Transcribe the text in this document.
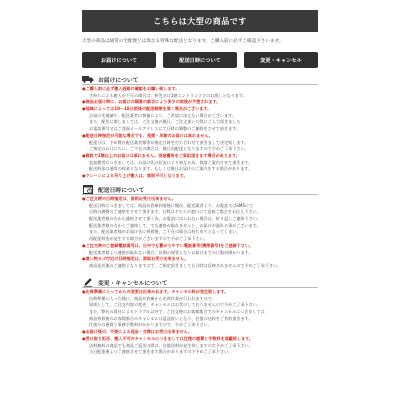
こちらは大型の商品です
大型の商品は通常の宅配便とは異なる特殊な配送となります。ご購入前に必ずご確認下さいませ。
お届けについて	配送日時について	変更・キャンセル
お届けについて
●ご購入前に必ず搬入経路の確認をお願い致します。
手持ちによる搬入が不可の場合は、軒先又は1階エントランスでのお渡しとなります。
●商品お届け時に、お届けの順番の都合により多少の前後が予想されます。
●地域によっては10〜18日前後の配送期間を頂く場合がございます。
お届け先地域や、配送業者の物量により、ご希望に添えない場合がございます。
また、配送に関しましては、ご注文後の後日、ご注文頂いた際にご入力頂きました
お電話番号又はご登録メールアドレスにて日時の調整のご連絡をさせて頂きます。
●配送日時指定が可能な場合でも、夜間・早朝のお届けは承れません。
配達日は、予め弊社配送業者様等が指定日時を打ち合わせて頂きまして決定致します。
ご指定のお日にちに、ご不在の場合は、後日再配達となりますので予めご了承下さい。
●階段で2階以上のお届けは承れません。別途費用をご負担頂きます場合があります。
追加費用につきましては、お届け先の状況により異なる為、都度ご案内させて頂きます。
配送料金は通常の料金となります。もしくは後日お届けのご案内をする場合があります。
●クレーンによる吊り上げ搬入は、原則不可となります。
配送日時について
●ご注文時の日時指定は、原則お受け出来ません。
配送日時につきましては、商品が倉庫到着後に順次、配送業者より、お電話又はSMSにて
日時の調整のご連絡をさせて頂きます。日程はそちらの窓口にて直接ご都合をお伝え下さい。
配送業者様の方から連絡させて頂く為、お電話に出られない場合は、折り返しご連絡下さい。
配送業者様の方からご連絡して、でも連絡が取れませんと、お届けが遅れる事がございます。
また、配送業者様がお届け先に到着後、ご不在の場合は持ち戻りとなってしまい、
再配達料金が発生する場合がございますので予めご了承下さい。
●ご注文時のご登録電話番号は、日中でも繋がりやすい電話番号(携帯番号)をご登録下さい。
配送業者様より連絡が取れない場合、長期の保管となりお届けまでの日数が掛かります。
●買い物カゴ付近の日時指定は、原則お受け出来ません。
商品発送後のご連絡となりますので、ご指定頂きましても日時は反映されませんので予めご了承下さい。
変更・キャンセルについて
●出荷準備に入ってからの変更は出来かねます。キャンセル料が発生致します。
出荷準備に入った後に、商品が倉庫から出荷作業が行われますので、
原則として、ご注文内容の変更、キャンセルはお受けしておりませんので予めご了承下さい。
また、弊社の責任によるトラブル以外で、ご注文後のお客様都合でのキャンセルにつきましては
商品到着後のお客様都合のキャンセルは返品扱いとなり、往復の送料をご負担頂きます。
往復分の運賃と事務手数料がかかりますので、予めご了承下さい。
●お届け後の、不要による返品・交換はお受け出来ません。
●受け取り拒否、搬入不可のキャンセルにつきましては往復の運賃と手数料を頂戴致します。
送料無料の商品でも商品ご返送の際は、往復送料が発生致しますので予めご了承下さい。
当日配達後よりご連絡させて頂きます場合がありますので予めご了承下さい。
